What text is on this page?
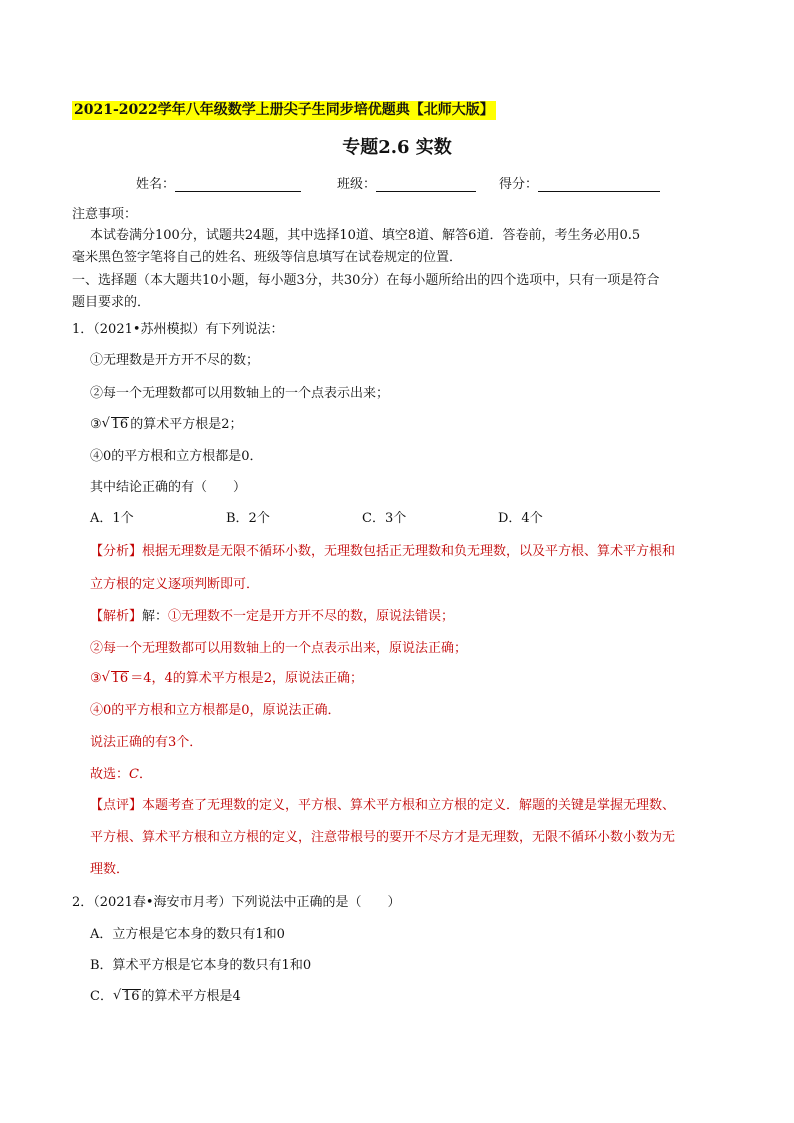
2021-2022学年八年级数学上册尖子生同步培优题典【北师大版】
专题2.6 实数
姓名：	班级：	得分：
注意事项：
本试卷满分100分，试题共24题，其中选择10道、填空8道、解答6道．答卷前，考生务必用0.5
毫米黑色签字笔将自己的姓名、班级等信息填写在试卷规定的位置．
一、选择题（本大题共10小题，每小题3分，共30分）在每小题所给出的四个选项中，只有一项是符合
题目要求的．
1．（2021•苏州模拟）有下列说法：
①无理数是开方开不尽的数；
②每一个无理数都可以用数轴上的一个点表示出来；
③ √ 16 的算术平方根是2；
④0的平方根和立方根都是0．
其中结论正确的有（　　）
A．1个	B．2个	C．3个	D．4个
【分析】根据无理数是无限不循环小数，无理数包括正无理数和负无理数，以及平方根、算术平方根和
立方根的定义逐项判断即可．
【解析】解：①无理数不一定是开方开不尽的数，原说法错误；
②每一个无理数都可以用数轴上的一个点表示出来，原说法正确；
③ √ 16 ＝4，4的算术平方根是2，原说法正确；
④0的平方根和立方根都是0，原说法正确．
说法正确的有3个．
故选：C．
【点评】本题考查了无理数的定义，平方根、算术平方根和立方根的定义．解题的关键是掌握无理数、
平方根、算术平方根和立方根的定义，注意带根号的要开不尽方才是无理数，无限不循环小数小数为无
理数．
2．（2021春•海安市月考）下列说法中正确的是（　　）
A．立方根是它本身的数只有1和0
B．算术平方根是它本身的数只有1和0
C． √ 16 的算术平方根是4
